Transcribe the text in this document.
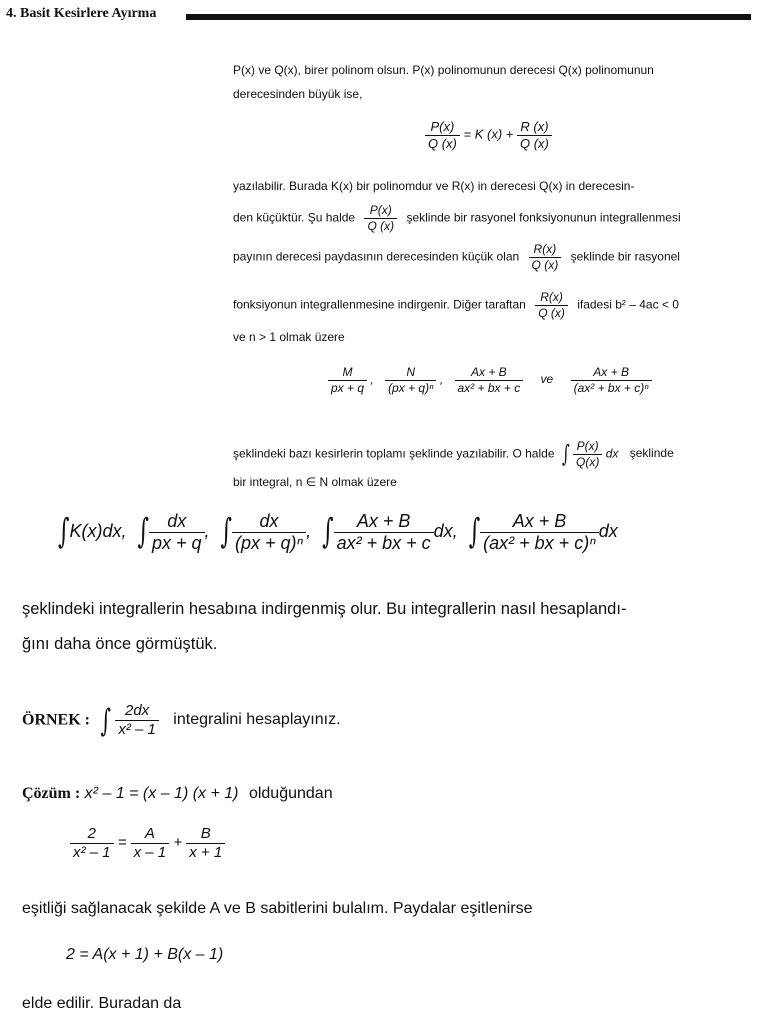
4. Basit Kesirlere Ayırma
P(x) ve Q(x), birer polinom olsun. P(x) polinomunun derecesi Q(x) polinomunun
derecesinden büyük ise,
$\frac{P(x)}{Q (x)} = K$ $(x) + \frac{R (x)}{Q (x)}$
yazılabilir. Burada K(x) bir polinomdur ve R(x) in derecesi Q(x) in derecesin-
den küçüktür. Şu halde $\frac{P(x)}{Q (x)}$ şeklinde bir rasyonel fonksiyonunun integrallenmesi
payının derecesi paydasının derecesinden küçük olan $\frac{R(x)}{Q (x)}$ şeklinde bir rasyonel
fonksiyonun integrallenmesine indirgenir. Diğer taraftan $\frac{R(x)}{Q (x)}$ ifadesi b² – 4ac < 0
ve n > 1 olmak üzere
$\frac{M}{px + q}$ , $\frac{N}{\text{(px + q)ⁿ}}$ , $\frac{Ax + B}{\text{ax² + bx + c}}$ ve $\frac{Ax + B}{\text{(ax² + bx + c)ⁿ}}$
şeklindeki bazı kesirlerin toplamı şeklinde yazılabilir. O halde ∫ $\frac{P(x)}{Q(x)}$ dx şeklinde
bir integral, n ∈ N olmak üzere
∫K(x)dx, ∫ $\frac{dx}{px + q}$ , ∫ $\frac{dx}{\text{(px + q)ⁿ}}$ , ∫ $\frac{Ax + B}{\text{ax² + bx + c}}$ dx, ∫ $\frac{Ax + B}{\text{(ax² + bx + c)ⁿ}}$ dx
şeklindeki integrallerin hesabına indirgenmiş olur. Bu integrallerin nasıl hesaplandı-
ğını daha önce görmüştük.
ÖRNEK : ∫ $\frac{2dx}{\text{x² – 1}}$ integralini hesaplayınız.
Çözüm : x² – 1 = (x – 1) (x + 1) olduğundan
$\frac{2}{\text{x² – 1}} = \frac{A}{x - 1} + \frac{B}{x + 1}$
eşitliği sağlanacak şekilde A ve B sabitlerini bulalım. Paydalar eşitlenirse
2 = A(x + 1) + B(x – 1)
elde edilir. Buradan da
